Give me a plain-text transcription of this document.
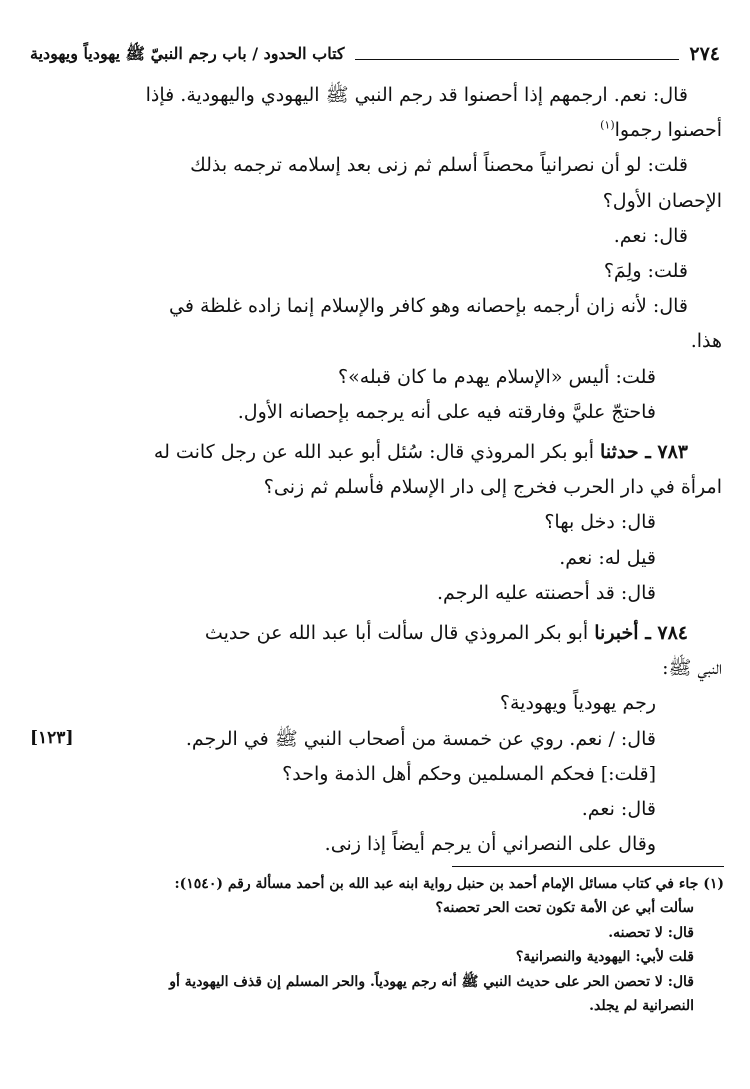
٢٧٤
كتاب الحدود / باب رجم النبيّ ﷺ يهودياً ويهودية

قال: نعم. ارجمهم إذا أحصنوا قد رجم النبي ﷺ اليهودي واليهودية. فإذا

أحصنوا رجموا$^{(١)}$

قلت: لو أن نصرانياً محصناً أسلم ثم زنى بعد إسلامه ترجمه بذلك

الإحصان الأول؟

قال: نعم.

قلت: ولِمَ؟

قال: لأنه زان أرجمه بإحصانه وهو كافر والإسلام إنما زاده غلظة في

هذا.

قلت: أليس «الإسلام يهدم ما كان قبله»؟

فاحتجّ عليَّ وفارقته فيه على أنه يرجمه بإحصانه الأول.

٧٨٣ ـ حدثنا أبو بكر المروذي قال: سُئل أبو عبد الله عن رجل كانت له

امرأة في دار الحرب فخرج إلى دار الإسلام فأسلم ثم زنى؟

قال: دخل بها؟

قيل له: نعم.

قال: قد أحصنته عليه الرجم.

٧٨٤ ـ أخبرنا أبو بكر المروذي قال سألت أبا عبد الله عن حديث

النبي ﷺ:

رجم يهودياً ويهودية؟

قال: / نعم. روي عن خمسة من أصحاب النبي ﷺ في الرجم.

[قلت:] فحكم المسلمين وحكم أهل الذمة واحد؟

قال: نعم.

وقال على النصراني أن يرجم أيضاً إذا زنى.

[١٢٣]

(١) جاء في كتاب مسائل الإمام أحمد بن حنبل رواية ابنه عبد الله بن أحمد مسألة رقم (١٥٤٠):

سألت أبي عن الأمة تكون تحت الحر تحصنه؟

قال: لا تحصنه.

قلت لأبي: اليهودية والنصرانية؟

قال: لا تحصن الحر على حديث النبي ﷺ أنه رجم يهودياً. والحر المسلم إن قذف اليهودية أو

النصرانية لم يجلد.
